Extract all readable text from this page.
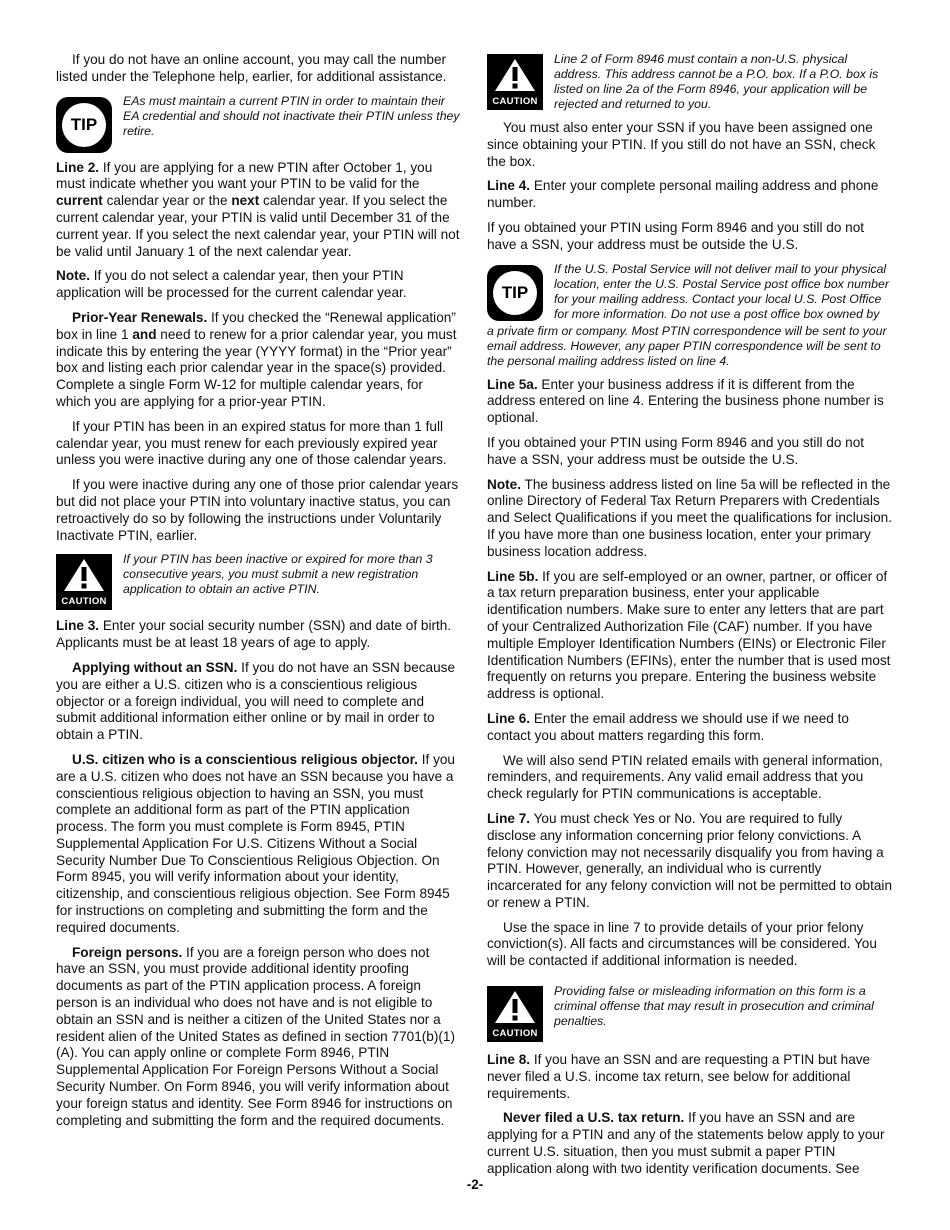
If you do not have an online account, you may call the number listed under the Telephone help, earlier, for additional assistance.

TIP
EAs must maintain a current PTIN in order to maintain their EA credential and should not inactivate their PTIN unless they retire.

Line 2. If you are applying for a new PTIN after October 1, you must indicate whether you want your PTIN to be valid for the current calendar year or the next calendar year. If you select the current calendar year, your PTIN is valid until December 31 of the current year. If you select the next calendar year, your PTIN will not be valid until January 1 of the next calendar year.

Note. If you do not select a calendar year, then your PTIN application will be processed for the current calendar year.

Prior-Year Renewals. If you checked the “Renewal application” box in line 1 and need to renew for a prior calendar year, you must indicate this by entering the year (YYYY format) in the “Prior year” box and listing each prior calendar year in the space(s) provided. Complete a single Form W-12 for multiple calendar years, for which you are applying for a prior-year PTIN.

If your PTIN has been in an expired status for more than 1 full calendar year, you must renew for each previously expired year unless you were inactive during any one of those calendar years.

If you were inactive during any one of those prior calendar years but did not place your PTIN into voluntary inactive status, you can retroactively do so by following the instructions under Voluntarily Inactivate PTIN, earlier.

CAUTION
If your PTIN has been inactive or expired for more than 3 consecutive years, you must submit a new registration application to obtain an active PTIN.

Line 3. Enter your social security number (SSN) and date of birth. Applicants must be at least 18 years of age to apply.

Applying without an SSN. If you do not have an SSN because you are either a U.S. citizen who is a conscientious religious objector or a foreign individual, you will need to complete and submit additional information either online or by mail in order to obtain a PTIN.

U.S. citizen who is a conscientious religious objector. If you are a U.S. citizen who does not have an SSN because you have a conscientious religious objection to having an SSN, you must complete an additional form as part of the PTIN application process. The form you must complete is Form 8945, PTIN Supplemental Application For U.S. Citizens Without a Social Security Number Due To Conscientious Religious Objection. On Form 8945, you will verify information about your identity, citizenship, and conscientious religious objection. See Form 8945 for instructions on completing and submitting the form and the required documents.

Foreign persons. If you are a foreign person who does not have an SSN, you must provide additional identity proofing documents as part of the PTIN application process. A foreign person is an individual who does not have and is not eligible to obtain an SSN and is neither a citizen of the United States nor a resident alien of the United States as defined in section 7701(b)(1)(A). You can apply online or complete Form 8946, PTIN Supplemental Application For Foreign Persons Without a Social Security Number. On Form 8946, you will verify information about your foreign status and identity. See Form 8946 for instructions on completing and submitting the form and the required documents.

CAUTION
Line 2 of Form 8946 must contain a non-U.S. physical address. This address cannot be a P.O. box. If a P.O. box is listed on line 2a of the Form 8946, your application will be rejected and returned to you.

You must also enter your SSN if you have been assigned one since obtaining your PTIN. If you still do not have an SSN, check the box.

Line 4. Enter your complete personal mailing address and phone number.

If you obtained your PTIN using Form 8946 and you still do not have a SSN, your address must be outside the U.S.

TIP
If the U.S. Postal Service will not deliver mail to your physical location, enter the U.S. Postal Service post office box number for your mailing address. Contact your local U.S. Post Office for more information. Do not use a post office box owned by

a private firm or company. Most PTIN correspondence will be sent to your email address. However, any paper PTIN correspondence will be sent to the personal mailing address listed on line 4.

Line 5a. Enter your business address if it is different from the address entered on line 4. Entering the business phone number is optional.

If you obtained your PTIN using Form 8946 and you still do not have a SSN, your address must be outside the U.S.

Note. The business address listed on line 5a will be reflected in the online Directory of Federal Tax Return Preparers with Credentials and Select Qualifications if you meet the qualifications for inclusion. If you have more than one business location, enter your primary business location address.

Line 5b. If you are self-employed or an owner, partner, or officer of a tax return preparation business, enter your applicable identification numbers. Make sure to enter any letters that are part of your Centralized Authorization File (CAF) number. If you have multiple Employer Identification Numbers (EINs) or Electronic Filer Identification Numbers (EFINs), enter the number that is used most frequently on returns you prepare. Entering the business website address is optional.

Line 6. Enter the email address we should use if we need to contact you about matters regarding this form.

We will also send PTIN related emails with general information, reminders, and requirements. Any valid email address that you check regularly for PTIN communications is acceptable.

Line 7. You must check Yes or No. You are required to fully disclose any information concerning prior felony convictions. A felony conviction may not necessarily disqualify you from having a PTIN. However, generally, an individual who is currently incarcerated for any felony conviction will not be permitted to obtain or renew a PTIN.

Use the space in line 7 to provide details of your prior felony conviction(s). All facts and circumstances will be considered. You will be contacted if additional information is needed.

CAUTION
Providing false or misleading information on this form is a criminal offense that may result in prosecution and criminal penalties.

Line 8. If you have an SSN and are requesting a PTIN but have never filed a U.S. income tax return, see below for additional requirements.

Never filed a U.S. tax return. If you have an SSN and are applying for a PTIN and any of the statements below apply to your current U.S. situation, then you must submit a paper PTIN application along with two identity verification documents. See

-2-
